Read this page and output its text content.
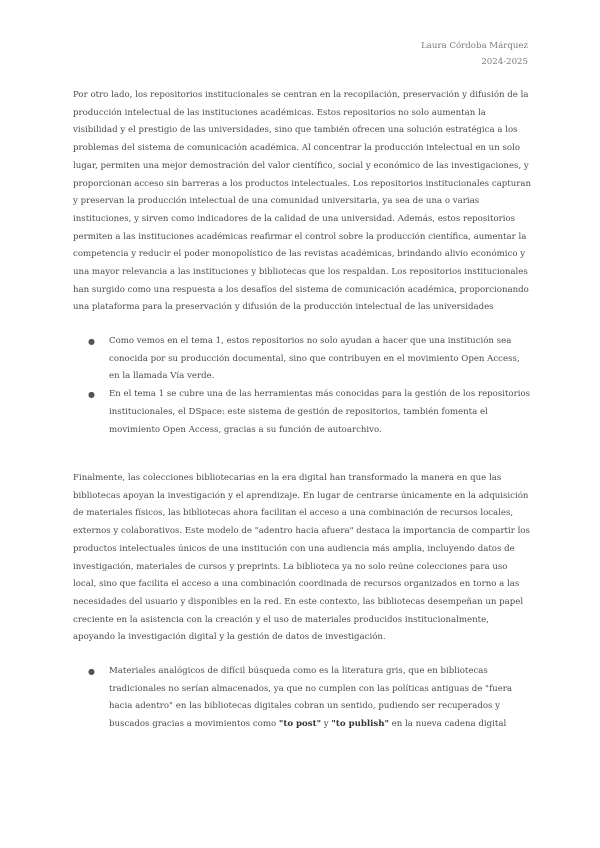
Laura Córdoba Márquez
2024-2025

Por otro lado, los repositorios institucionales se centran en la recopilación, preservación y difusión de la producción intelectual de las instituciones académicas. Estos repositorios no solo aumentan la visibilidad y el prestigio de las universidades, sino que también ofrecen una solución estratégica a los problemas del sistema de comunicación académica. Al concentrar la producción intelectual en un solo lugar, permiten una mejor demostración del valor científico, social y económico de las investigaciones, y proporcionan acceso sin barreras a los productos intelectuales. Los repositorios institucionales capturan y preservan la producción intelectual de una comunidad universitaria, ya sea de una o varias instituciones, y sirven como indicadores de la calidad de una universidad. Además, estos repositorios permiten a las instituciones académicas reafirmar el control sobre la producción científica, aumentar la competencia y reducir el poder monopolístico de las revistas académicas, brindando alivio económico y una mayor relevancia a las instituciones y bibliotecas que los respaldan. Los repositorios institucionales han surgido como una respuesta a los desafíos del sistema de comunicación académica, proporcionando una plataforma para la preservación y difusión de la producción intelectual de las universidades

● Como vemos en el tema 1, estos repositorios no solo ayudan a hacer que una institución sea conocida por su producción documental, sino que contribuyen en el movimiento Open Access, en la llamada Vía verde.
● En el tema 1 se cubre una de las herramientas más conocidas para la gestión de los repositorios institucionales, el DSpace: este sistema de gestión de repositorios, también fomenta el movimiento Open Access, gracias a su función de autoarchivo.

Finalmente, las colecciones bibliotecarias en la era digital han transformado la manera en que las bibliotecas apoyan la investigación y el aprendizaje. En lugar de centrarse únicamente en la adquisición de materiales físicos, las bibliotecas ahora facilitan el acceso a una combinación de recursos locales, externos y colaborativos. Este modelo de "adentro hacia afuera" destaca la importancia de compartir los productos intelectuales únicos de una institución con una audiencia más amplia, incluyendo datos de investigación, materiales de cursos y preprints. La biblioteca ya no solo reúne colecciones para uso local, sino que facilita el acceso a una combinación coordinada de recursos organizados en torno a las necesidades del usuario y disponibles en la red. En este contexto, las bibliotecas desempeñan un papel creciente en la asistencia con la creación y el uso de materiales producidos institucionalmente, apoyando la investigación digital y la gestión de datos de investigación.

● Materiales analógicos de difícil búsqueda como es la literatura gris, que en bibliotecas tradicionales no serían almacenados, ya que no cumplen con las políticas antiguas de "fuera hacia adentro" en las bibliotecas digitales cobran un sentido, pudiendo ser recuperados y buscados gracias a movimientos como "to post" y "to publish" en la nueva cadena digital
